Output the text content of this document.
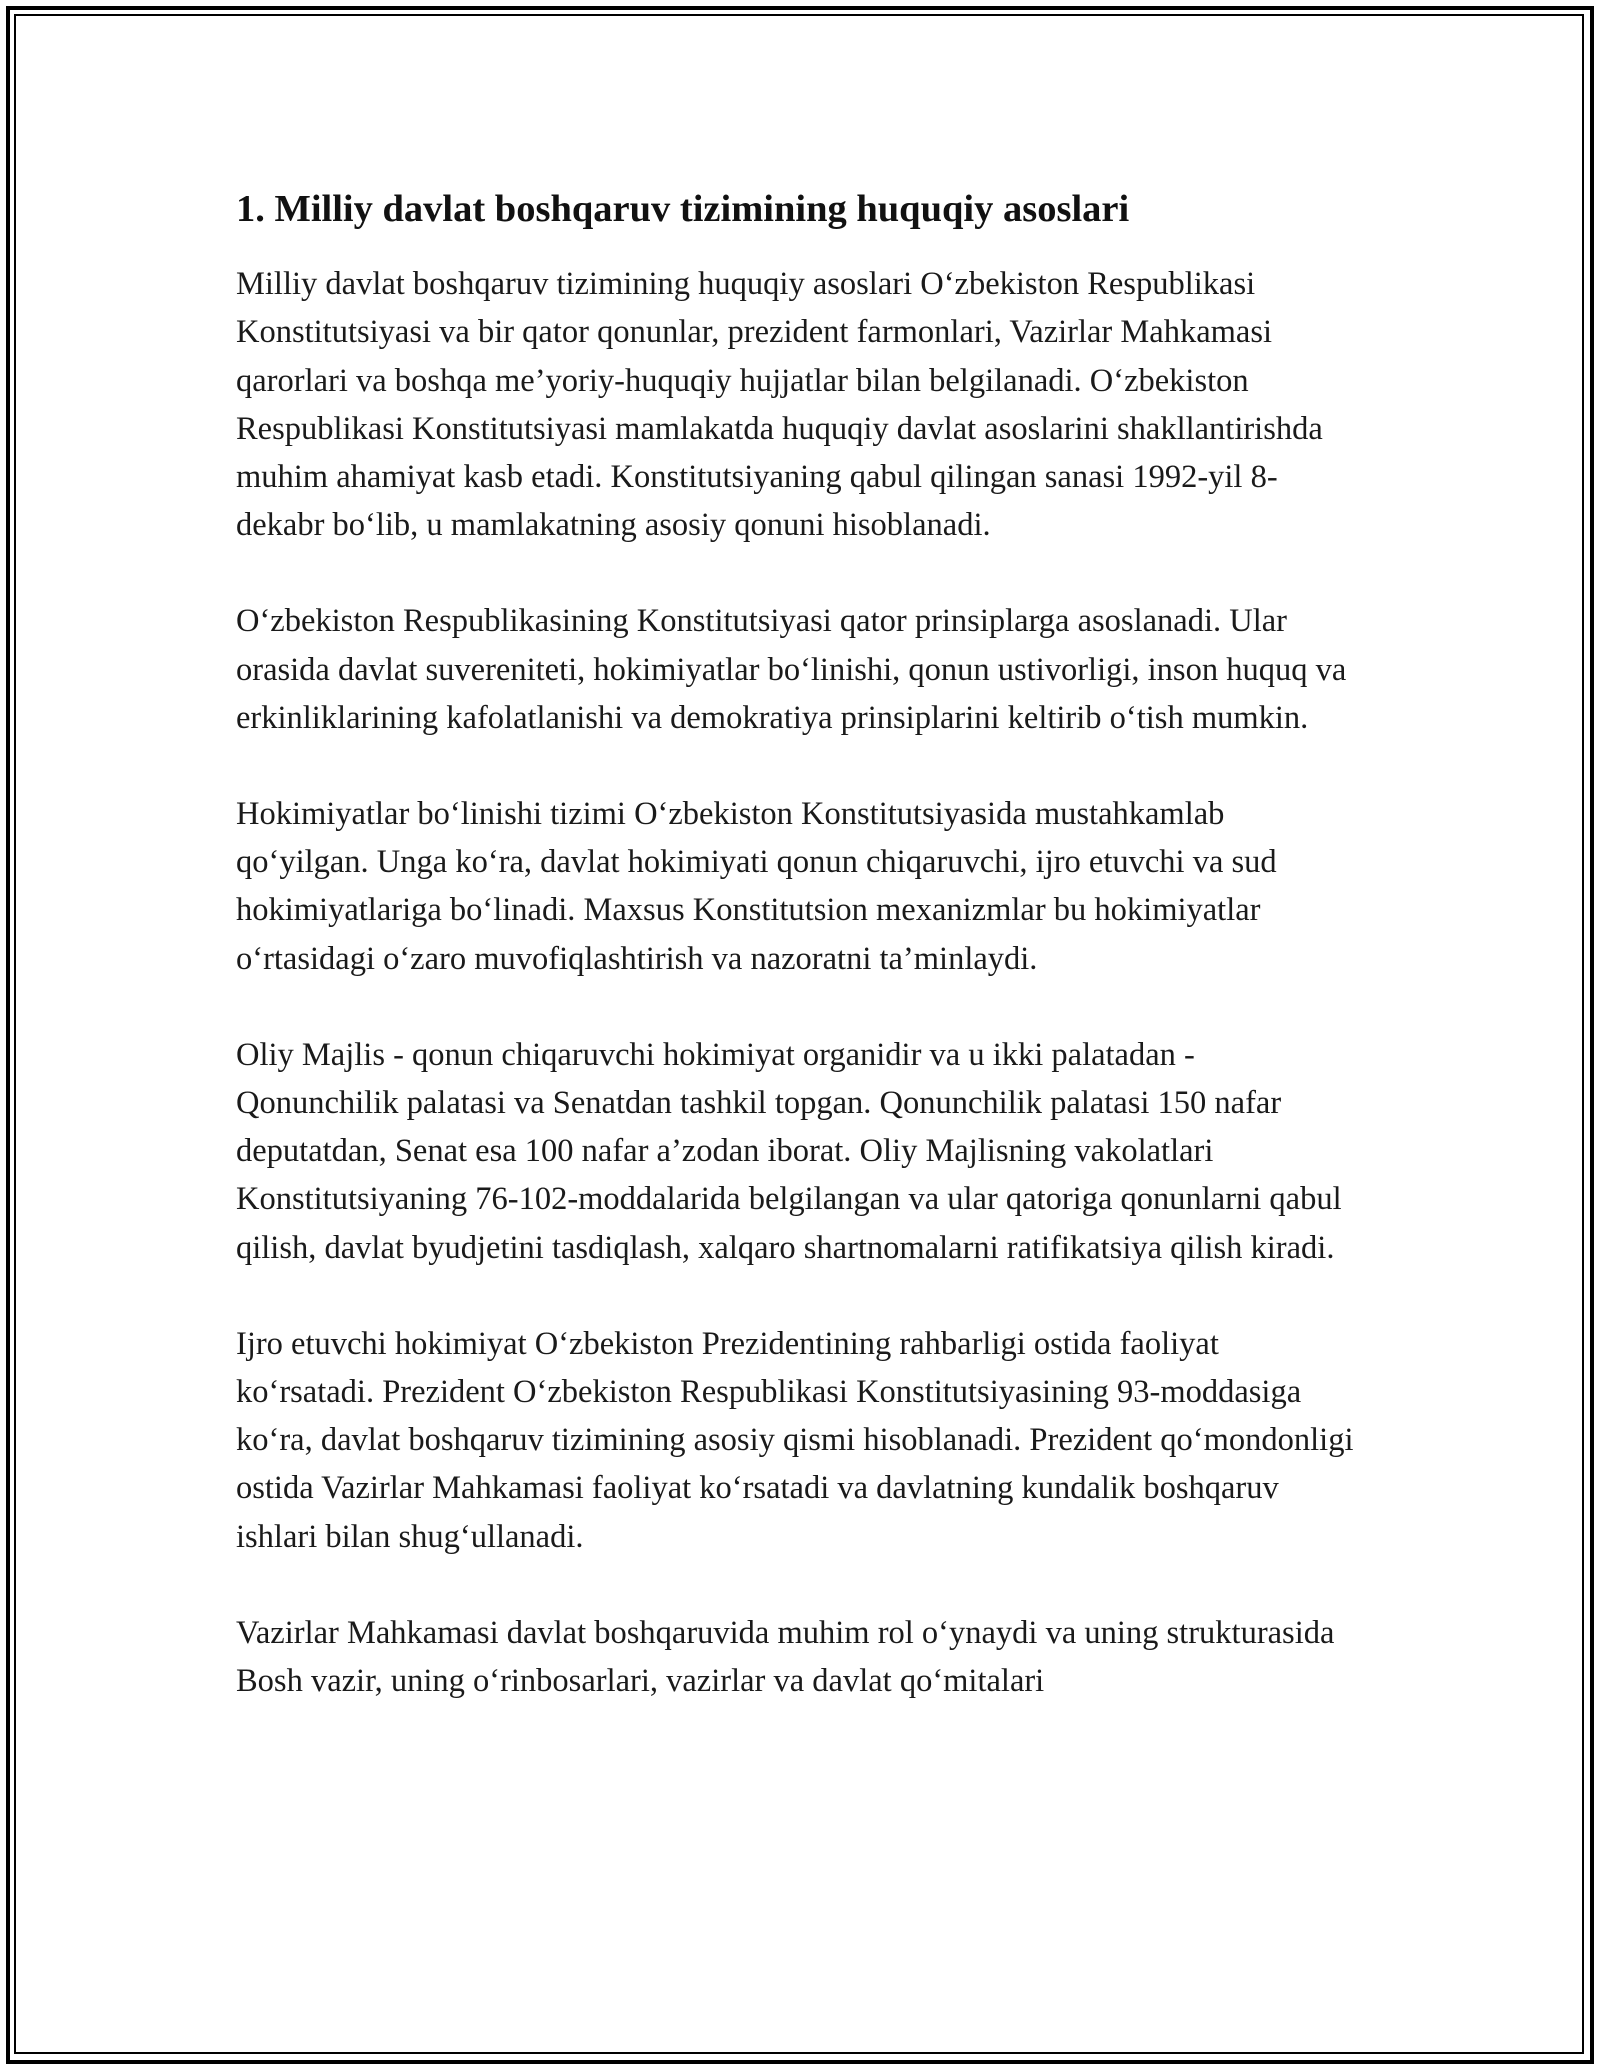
1. Milliy davlat boshqaruv tizimining huquqiy asoslari

Milliy davlat boshqaruv tizimining huquqiy asoslari O‘zbekiston Respublikasi Konstitutsiyasi va bir qator qonunlar, prezident farmonlari, Vazirlar Mahkamasi qarorlari va boshqa me’yoriy-huquqiy hujjatlar bilan belgilanadi. O‘zbekiston Respublikasi Konstitutsiyasi mamlakatda huquqiy davlat asoslarini shakllantirishda muhim ahamiyat kasb etadi. Konstitutsiyaning qabul qilingan sanasi 1992-yil 8-dekabr bo‘lib, u mamlakatning asosiy qonuni hisoblanadi.

O‘zbekiston Respublikasining Konstitutsiyasi qator prinsiplarga asoslanadi. Ular orasida davlat suvereniteti, hokimiyatlar bo‘linishi, qonun ustivorligi, inson huquq va erkinliklarining kafolatlanishi va demokratiya prinsiplarini keltirib o‘tish mumkin.

Hokimiyatlar bo‘linishi tizimi O‘zbekiston Konstitutsiyasida mustahkamlab qo‘yilgan. Unga ko‘ra, davlat hokimiyati qonun chiqaruvchi, ijro etuvchi va sud hokimiyatlariga bo‘linadi. Maxsus Konstitutsion mexanizmlar bu hokimiyatlar o‘rtasidagi o‘zaro muvofiqlashtirish va nazoratni ta’minlaydi.

Oliy Majlis - qonun chiqaruvchi hokimiyat organidir va u ikki palatadan - Qonunchilik palatasi va Senatdan tashkil topgan. Qonunchilik palatasi 150 nafar deputatdan, Senat esa 100 nafar a’zodan iborat. Oliy Majlisning vakolatlari Konstitutsiyaning 76-102-moddalarida belgilangan va ular qatoriga qonunlarni qabul qilish, davlat byudjetini tasdiqlash, xalqaro shartnomalarni ratifikatsiya qilish kiradi.

Ijro etuvchi hokimiyat O‘zbekiston Prezidentining rahbarligi ostida faoliyat ko‘rsatadi. Prezident O‘zbekiston Respublikasi Konstitutsiyasining 93-moddasiga ko‘ra, davlat boshqaruv tizimining asosiy qismi hisoblanadi. Prezident qo‘mondonligi ostida Vazirlar Mahkamasi faoliyat ko‘rsatadi va davlatning kundalik boshqaruv ishlari bilan shug‘ullanadi.

Vazirlar Mahkamasi davlat boshqaruvida muhim rol o‘ynaydi va uning strukturasida Bosh vazir, uning o‘rinbosarlari, vazirlar va davlat qo‘mitalari
